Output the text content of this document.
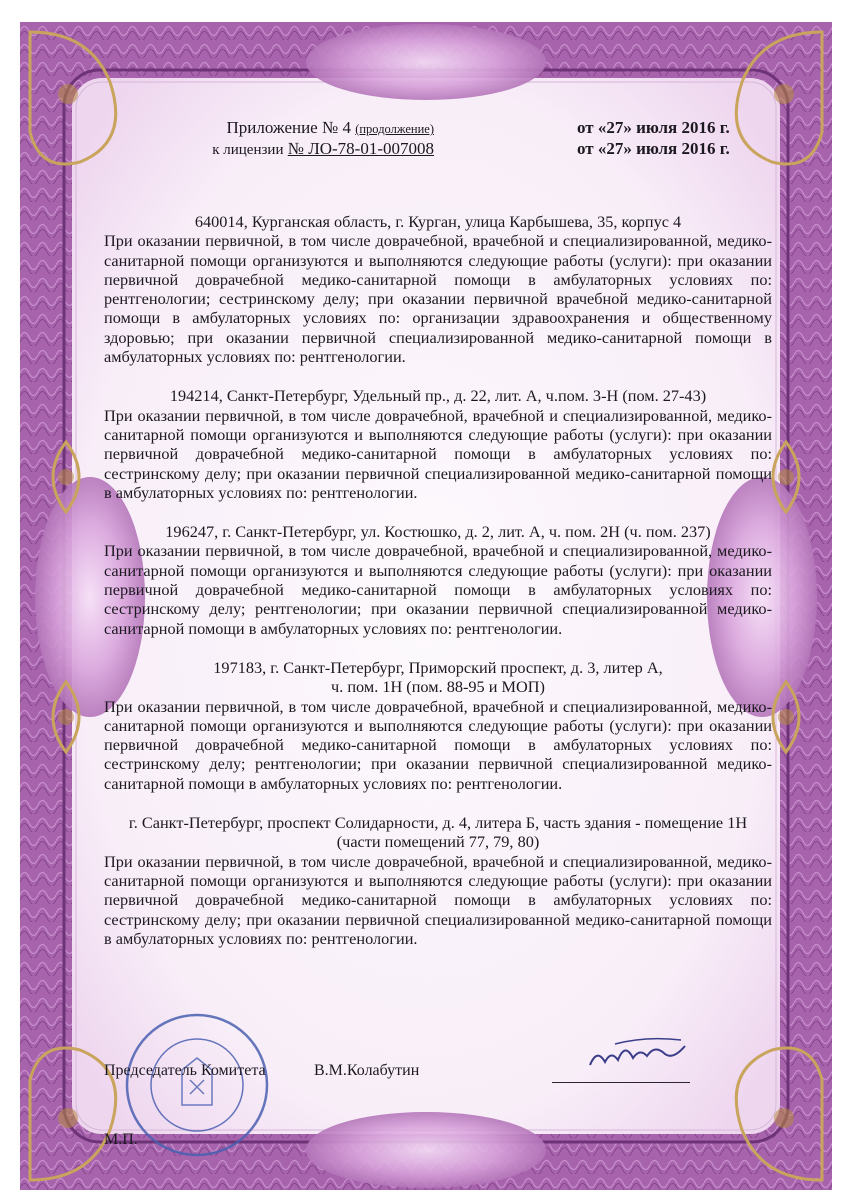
Приложение № 4 (продолжение)	от «27» июля 2016 г.
к лицензии № ЛО-78-01-007008	от «27» июля 2016 г.
640014, Курганская область, г. Курган, улица Карбышева, 35, корпус 4
При оказании первичной, в том числе доврачебной, врачебной и специализированной, медико-санитарной помощи организуются и выполняются следующие работы (услуги): при оказании первичной доврачебной медико-санитарной помощи в амбулаторных условиях по: рентгенологии; сестринскому делу; при оказании первичной врачебной медико-санитарной помощи в амбулаторных условиях по: организации здравоохранения и общественному здоровью; при оказании первичной специализированной медико-санитарной помощи в амбулаторных условиях по: рентгенологии.
194214, Санкт-Петербург, Удельный пр., д. 22, лит. А, ч.пом. 3-Н (пом. 27-43)
При оказании первичной, в том числе доврачебной, врачебной и специализированной, медико-санитарной помощи организуются и выполняются следующие работы (услуги): при оказании первичной доврачебной медико-санитарной помощи в амбулаторных условиях по: сестринскому делу; при оказании первичной специализированной медико-санитарной помощи в амбулаторных условиях по: рентгенологии.
196247, г. Санкт-Петербург, ул. Костюшко, д. 2, лит. А, ч. пом. 2Н (ч. пом. 237)
При оказании первичной, в том числе доврачебной, врачебной и специализированной, медико-санитарной помощи организуются и выполняются следующие работы (услуги): при оказании первичной доврачебной медико-санитарной помощи в амбулаторных условиях по: сестринскому делу; рентгенологии; при оказании первичной специализированной медико-санитарной помощи в амбулаторных условиях по: рентгенологии.
197183, г. Санкт-Петербург, Приморский проспект, д. 3, литер А,
ч. пом. 1Н (пом. 88-95 и МОП)
При оказании первичной, в том числе доврачебной, врачебной и специализированной, медико-санитарной помощи организуются и выполняются следующие работы (услуги): при оказании первичной доврачебной медико-санитарной помощи в амбулаторных условиях по: сестринскому делу; рентгенологии; при оказании первичной специализированной медико-санитарной помощи в амбулаторных условиях по: рентгенологии.
г. Санкт-Петербург, проспект Солидарности, д. 4, литера Б, часть здания - помещение 1Н
(части помещений 77, 79, 80)
При оказании первичной, в том числе доврачебной, врачебной и специализированной, медико-санитарной помощи организуются и выполняются следующие работы (услуги): при оказании первичной доврачебной медико-санитарной помощи в амбулаторных условиях по: сестринскому делу; при оказании первичной специализированной медико-санитарной помощи в амбулаторных условиях по: рентгенологии.
Председатель Комитета	В.М.Колабутин
М.П.
